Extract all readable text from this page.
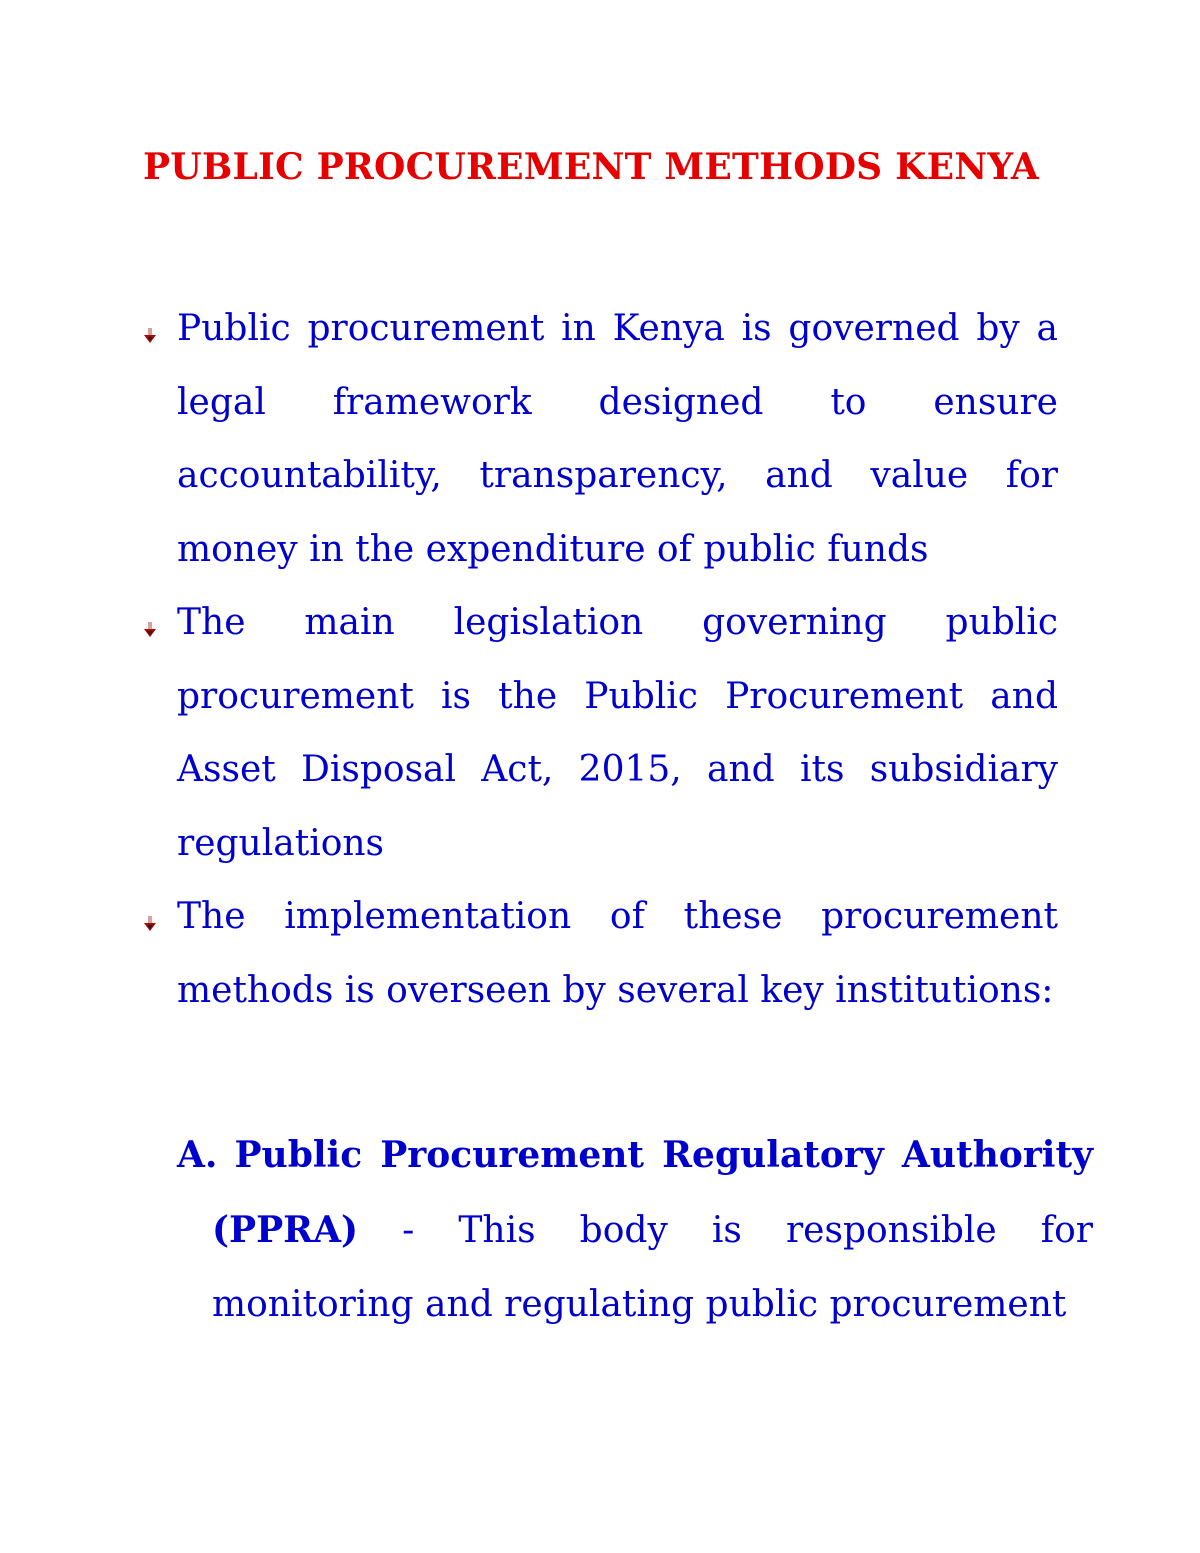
PUBLIC PROCUREMENT METHODS KENYA
Public procurement in Kenya is governed by a legal framework designed to ensure accountability, transparency, and value for money in the expenditure of public funds
The main legislation governing public procurement is the Public Procurement and Asset Disposal Act, 2015, and its subsidiary regulations
The implementation of these procurement methods is overseen by several key institutions:

A. Public Procurement Regulatory Authority (PPRA) - This body is responsible for monitoring and regulating public procurement
